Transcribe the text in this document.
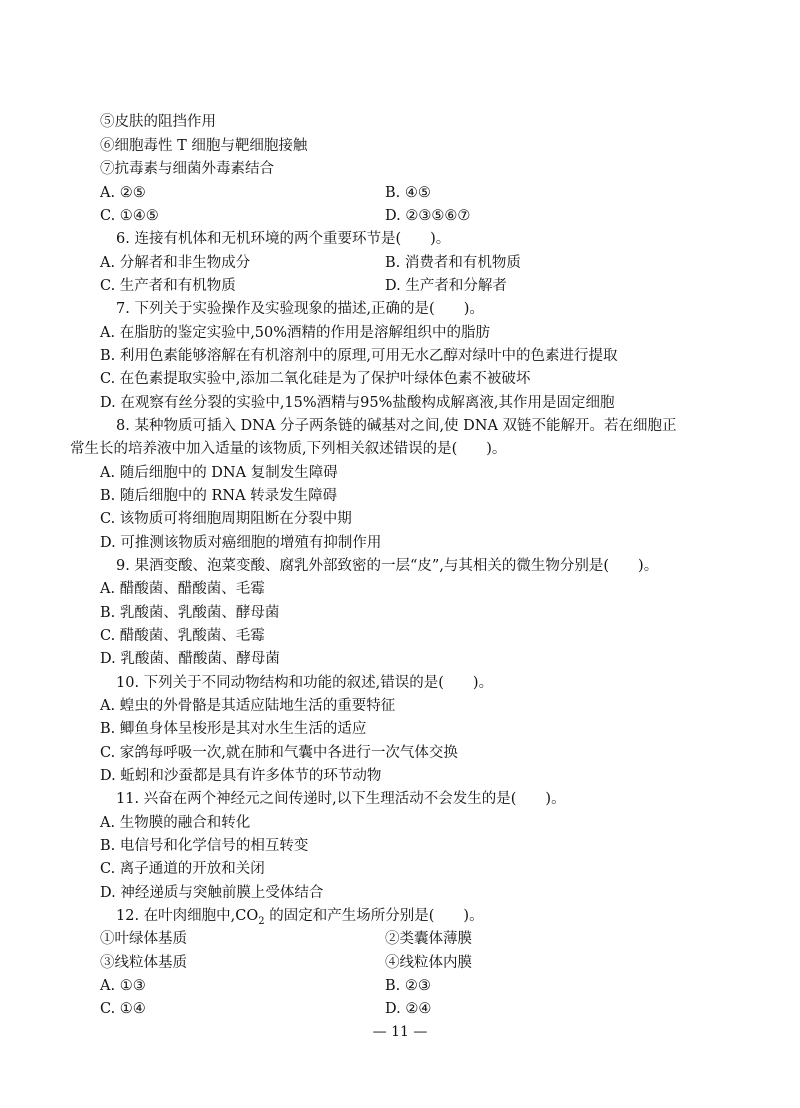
⑤皮肤的阻挡作用
⑥细胞毒性 T 细胞与靶细胞接触
⑦抗毒素与细菌外毒素结合
A. ②⑤	B. ④⑤
C. ①④⑤	D. ②③⑤⑥⑦
6. 连接有机体和无机环境的两个重要环节是(　　)。
A. 分解者和非生物成分	B. 消费者和有机物质
C. 生产者和有机物质	D. 生产者和分解者
7. 下列关于实验操作及实验现象的描述,正确的是(　　)。
A. 在脂肪的鉴定实验中,50%酒精的作用是溶解组织中的脂肪
B. 利用色素能够溶解在有机溶剂中的原理,可用无水乙醇对绿叶中的色素进行提取
C. 在色素提取实验中,添加二氧化硅是为了保护叶绿体色素不被破坏
D. 在观察有丝分裂的实验中,15%酒精与95%盐酸构成解离液,其作用是固定细胞
8. 某种物质可插入 DNA 分子两条链的碱基对之间,使 DNA 双链不能解开。若在细胞正
常生长的培养液中加入适量的该物质,下列相关叙述错误的是(　　)。
A. 随后细胞中的 DNA 复制发生障碍
B. 随后细胞中的 RNA 转录发生障碍
C. 该物质可将细胞周期阻断在分裂中期
D. 可推测该物质对癌细胞的增殖有抑制作用
9. 果酒变酸、泡菜变酸、腐乳外部致密的一层“皮”,与其相关的微生物分别是(　　)。
A. 醋酸菌、醋酸菌、毛霉
B. 乳酸菌、乳酸菌、酵母菌
C. 醋酸菌、乳酸菌、毛霉
D. 乳酸菌、醋酸菌、酵母菌
10. 下列关于不同动物结构和功能的叙述,错误的是(　　)。
A. 蝗虫的外骨骼是其适应陆地生活的重要特征
B. 鲫鱼身体呈梭形是其对水生生活的适应
C. 家鸽每呼吸一次,就在肺和气囊中各进行一次气体交换
D. 蚯蚓和沙蚕都是具有许多体节的环节动物
11. 兴奋在两个神经元之间传递时,以下生理活动不会发生的是(　　)。
A. 生物膜的融合和转化
B. 电信号和化学信号的相互转变
C. 离子通道的开放和关闭
D. 神经递质与突触前膜上受体结合
12. 在叶肉细胞中$,CO_2$ 的固定和产生场所分别是(　　)。
①叶绿体基质	②类囊体薄膜
③线粒体基质	④线粒体内膜
A. ①③	B. ②③
C. ①④	D. ②④
— 11 —
